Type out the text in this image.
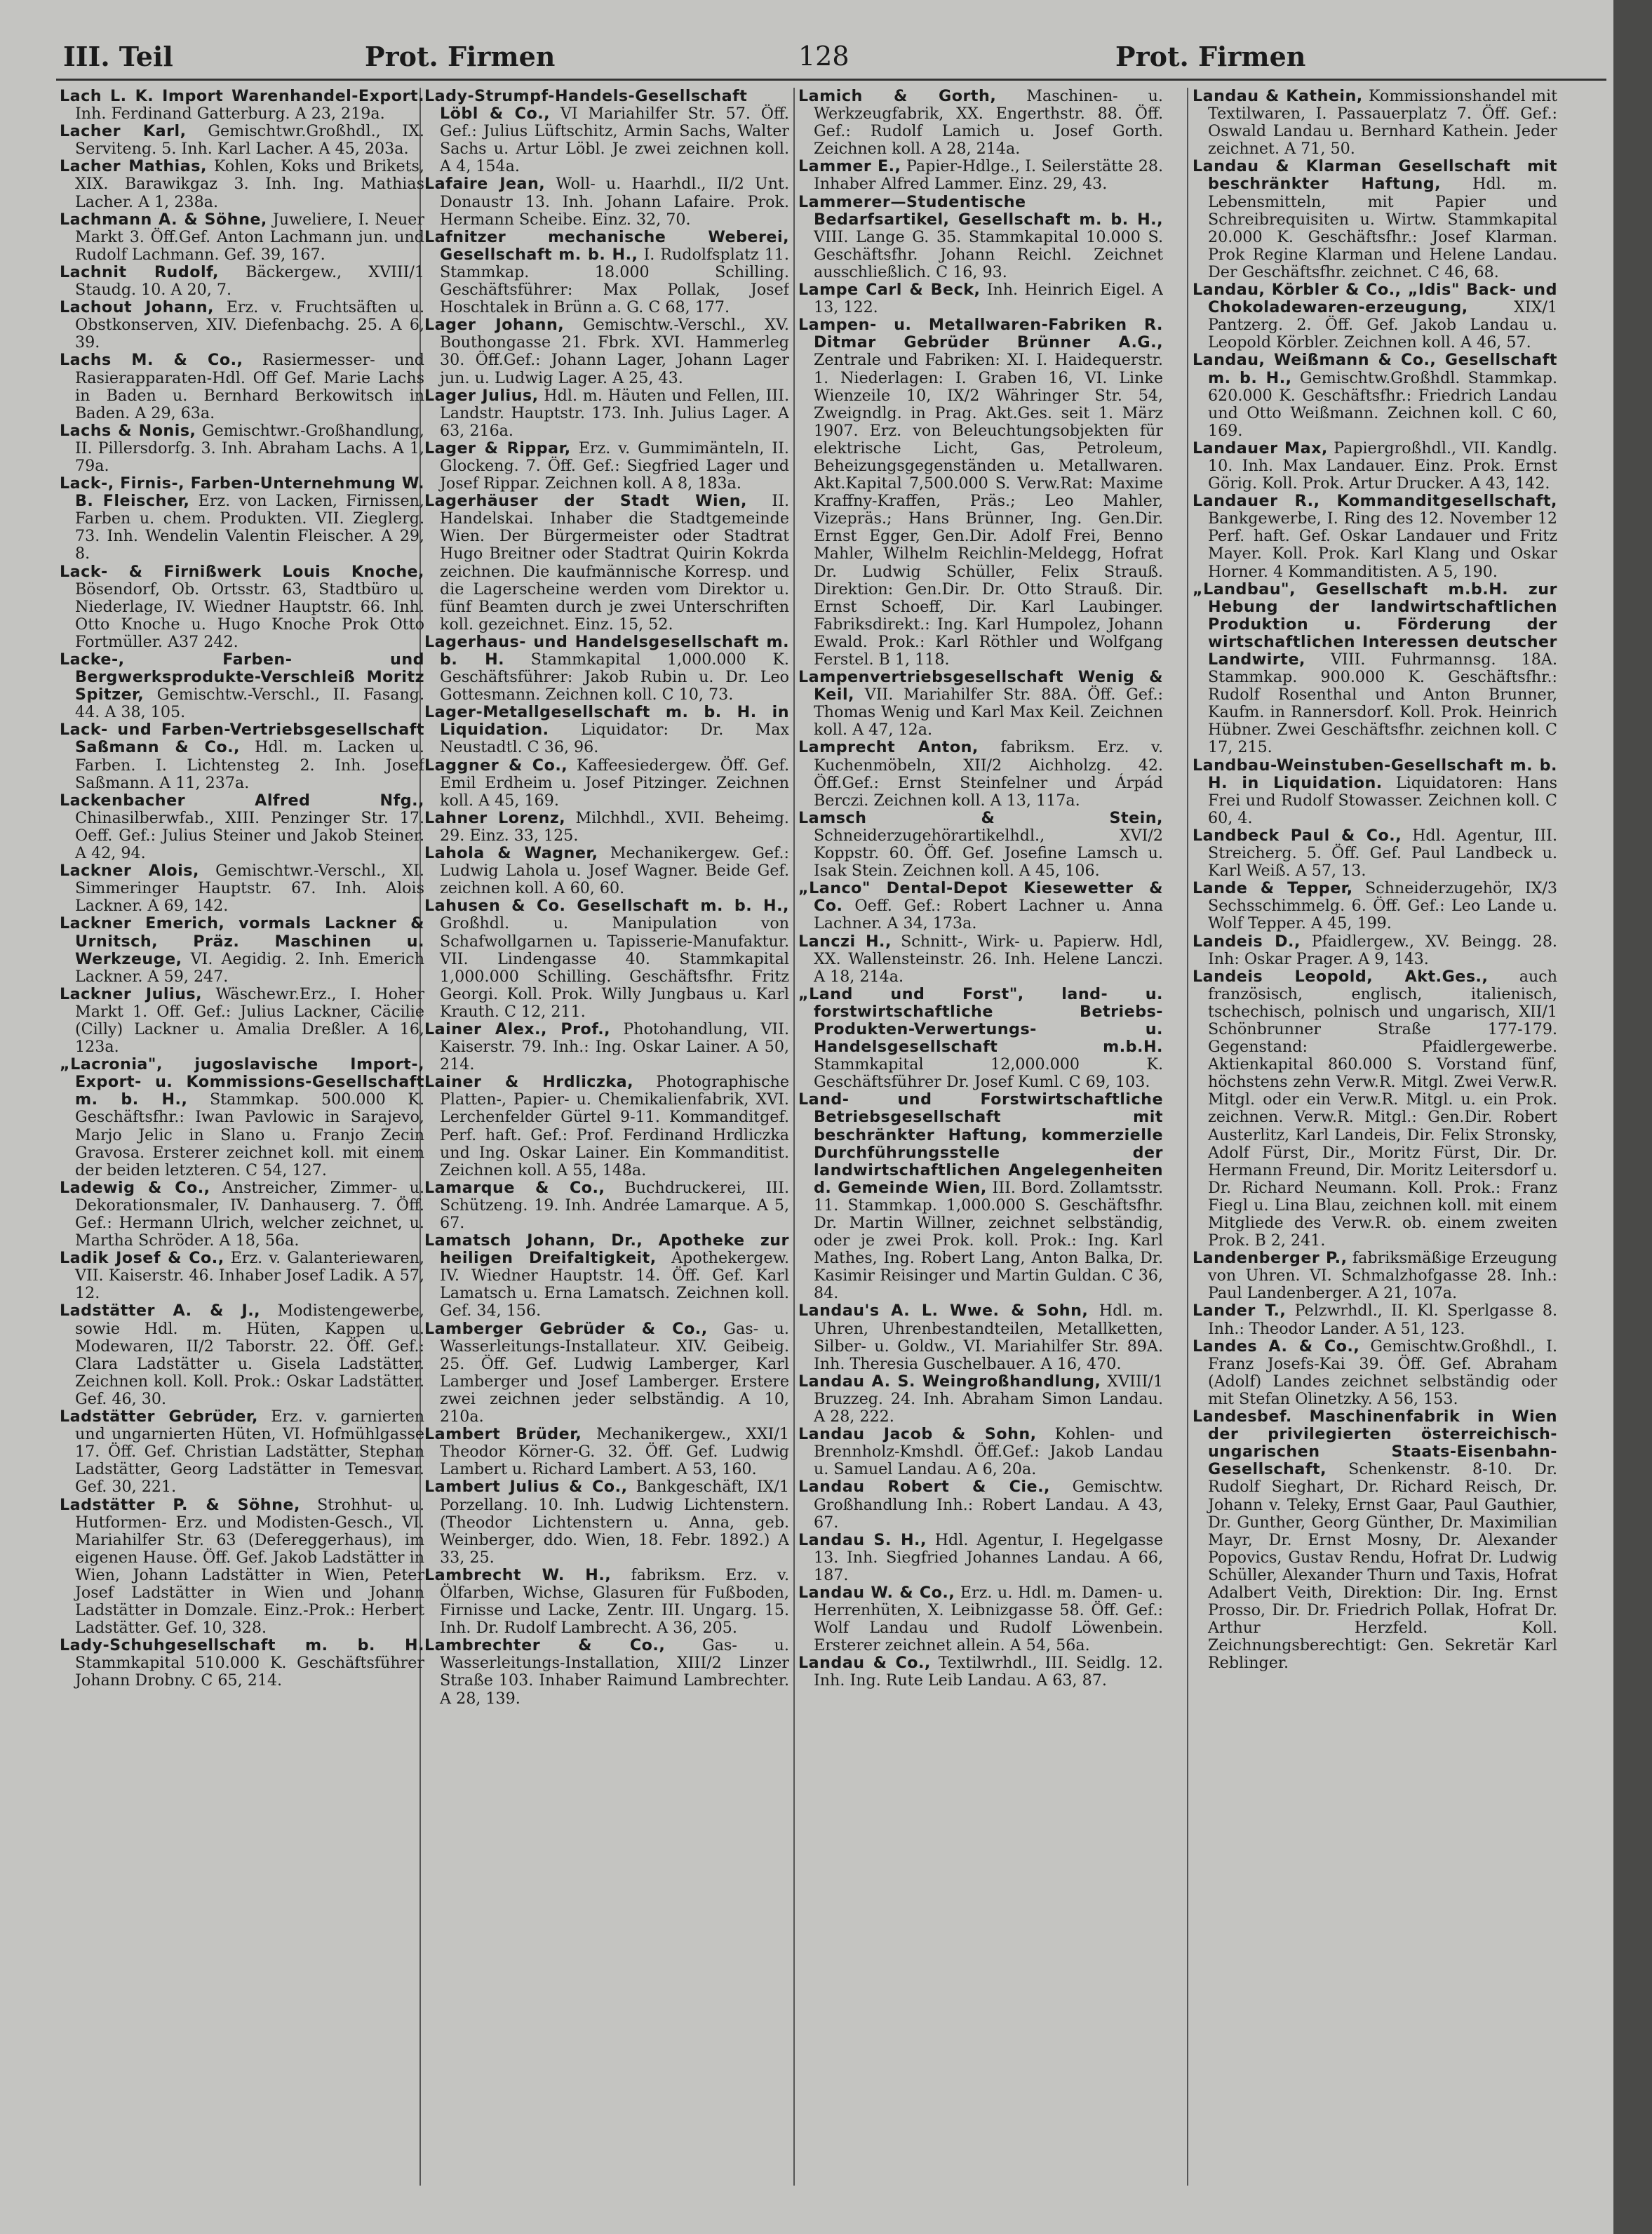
III. Teil	Prot. Firmen	128	Prot. Firmen

Lach L. K. Import Warenhandel-Export. Inh. Ferdinand Gatterburg. A 23, 219a.

Lacher Karl, Gemischtwr.Großhdl., IX. Serviteng. 5. Inh. Karl Lacher. A 45, 203a.

Lacher Mathias, Kohlen, Koks und Brikets, XIX. Barawikgaz 3. Inh. Ing. Mathias Lacher. A 1, 238a.

Lachmann A. & Söhne, Juweliere, I. Neuer Markt 3. Öff.Gef. Anton Lachmann jun. und Rudolf Lachmann. Gef. 39, 167.

Lachnit Rudolf, Bäckergew., XVIII/1 Staudg. 10. A 20, 7.

Lachout Johann, Erz. v. Fruchtsäften u. Obstkonserven, XIV. Diefenbachg. 25. A 6, 39.

Lachs M. & Co., Rasiermesser- und Rasierapparaten-Hdl. Off Gef. Marie Lachs in Baden u. Bernhard Berkowitsch in Baden. A 29, 63a.

Lachs & Nonis, Gemischtwr.-Großhandlung, II. Pillersdorfg. 3. Inh. Abraham Lachs. A 1, 79a.

Lack-, Firnis-, Farben-Unternehmung W. B. Fleischer, Erz. von Lacken, Firnissen, Farben u. chem. Produkten. VII. Zieglerg. 73. Inh. Wendelin Valentin Fleischer. A 29, 8.

Lack- & Firnißwerk Louis Knoche, Bösendorf, Ob. Ortsstr. 63, Stadtbüro u. Niederlage, IV. Wiedner Hauptstr. 66. Inh. Otto Knoche u. Hugo Knoche Prok Otto Fortmüller. A37 242.

Lacke-, Farben- und Bergwerksprodukte-Verschleiß Moritz Spitzer, Gemischtw.-Verschl., II. Fasang. 44. A 38, 105.

Lack- und Farben-Vertriebsgesellschaft Saßmann & Co., Hdl. m. Lacken u. Farben. I. Lichtensteg 2. Inh. Josef Saßmann. A 11, 237a.

Lackenbacher Alfred Nfg., Chinasilberwfab., XIII. Penzinger Str. 17. Oeff. Gef.: Julius Steiner und Jakob Steiner. A 42, 94.

Lackner Alois, Gemischtwr.-Verschl., XI. Simmeringer Hauptstr. 67. Inh. Alois Lackner. A 69, 142.

Lackner Emerich, vormals Lackner & Urnitsch, Präz. Maschinen u. Werkzeuge, VI. Aegidig. 2. Inh. Emerich Lackner. A 59, 247.

Lackner Julius, Wäschewr.Erz., I. Hoher Markt 1. Off. Gef.: Julius Lackner, Cäcilie (Cilly) Lackner u. Amalia Dreßler. A 16, 123a.

„Lacronia", jugoslavische Import-, Export- u. Kommissions-Gesellschaft m. b. H., Stammkap. 500.000 K. Geschäftsfhr.: Iwan Pavlowic in Sarajevo, Marjo Jelic in Slano u. Franjo Zecin Gravosa. Ersterer zeichnet koll. mit einem der beiden letzteren. C 54, 127.

Ladewig & Co., Anstreicher, Zimmer- u. Dekorationsmaler, IV. Danhauserg. 7. Öff. Gef.: Hermann Ulrich, welcher zeichnet, u. Martha Schröder. A 18, 56a.

Ladik Josef & Co., Erz. v. Galanteriewaren, VII. Kaiserstr. 46. Inhaber Josef Ladik. A 57, 12.

Ladstätter A. & J., Modistengewerbe, sowie Hdl. m. Hüten, Kappen u. Modewaren, II/2 Taborstr. 22. Öff. Gef.: Clara Ladstätter u. Gisela Ladstätter. Zeichnen koll. Koll. Prok.: Oskar Ladstätter. Gef. 46, 30.

Ladstätter Gebrüder, Erz. v. garnierten und ungarnierten Hüten, VI. Hofmühlgasse 17. Öff. Gef. Christian Ladstätter, Stephan Ladstätter, Georg Ladstätter in Temesvar. Gef. 30, 221.

Ladstätter P. & Söhne, Strohhut- u. Hutformen- Erz. und Modisten-Gesch., VI. Mariahilfer Str. 63 (Defereggerhaus), im eigenen Hause. Öff. Gef. Jakob Ladstätter in Wien, Johann Ladstätter in Wien, Peter Josef Ladstätter in Wien und Johann Ladstätter in Domzale. Einz.-Prok.: Herbert Ladstätter. Gef. 10, 328.

Lady-Schuhgesellschaft m. b. H. Stammkapital 510.000 K. Geschäftsführer Johann Drobny. C 65, 214.

Lady-Strumpf-Handels-Gesellschaft Löbl & Co., VI Mariahilfer Str. 57. Öff. Gef.: Julius Lüftschitz, Armin Sachs, Walter Sachs u. Artur Löbl. Je zwei zeichnen koll. A 4, 154a.

Lafaire Jean, Woll- u. Haarhdl., II/2 Unt. Donaustr 13. Inh. Johann Lafaire. Prok. Hermann Scheibe. Einz. 32, 70.

Lafnitzer mechanische Weberei, Gesellschaft m. b. H., I. Rudolfsplatz 11. Stammkap. 18.000 Schilling. Geschäftsführer: Max Pollak, Josef Hoschtalek in Brünn a. G. C 68, 177.

Lager Johann, Gemischtw.-Verschl., XV. Bouthongasse 21. Fbrk. XVI. Hammerleg 30. Öff.Gef.: Johann Lager, Johann Lager jun. u. Ludwig Lager. A 25, 43.

Lager Julius, Hdl. m. Häuten und Fellen, III. Landstr. Hauptstr. 173. Inh. Julius Lager. A 63, 216a.

Lager & Rippar, Erz. v. Gummimänteln, II. Glockeng. 7. Öff. Gef.: Siegfried Lager und Josef Rippar. Zeichnen koll. A 8, 183a.

Lagerhäuser der Stadt Wien, II. Handelskai. Inhaber die Stadtgemeinde Wien. Der Bürgermeister oder Stadtrat Hugo Breitner oder Stadtrat Quirin Kokrda zeichnen. Die kaufmännische Korresp. und die Lagerscheine werden vom Direktor u. fünf Beamten durch je zwei Unterschriften koll. gezeichnet. Einz. 15, 52.

Lagerhaus- und Handelsgesellschaft m. b. H. Stammkapital 1,000.000 K. Geschäftsführer: Jakob Rubin u. Dr. Leo Gottesmann. Zeichnen koll. C 10, 73.

Lager-Metallgesellschaft m. b. H. in Liquidation. Liquidator: Dr. Max Neustadtl. C 36, 96.

Laggner & Co., Kaffeesiedergew. Öff. Gef. Emil Erdheim u. Josef Pitzinger. Zeichnen koll. A 45, 169.

Lahner Lorenz, Milchhdl., XVII. Beheimg. 29. Einz. 33, 125.

Lahola & Wagner, Mechanikergew. Gef.: Ludwig Lahola u. Josef Wagner. Beide Gef. zeichnen koll. A 60, 60.

Lahusen & Co. Gesellschaft m. b. H., Großhdl. u. Manipulation von Schafwollgarnen u. Tapisserie-Manufaktur. VII. Lindengasse 40. Stammkapital 1,000.000 Schilling. Geschäftsfhr. Fritz Georgi. Koll. Prok. Willy Jungbaus u. Karl Krauth. C 12, 211.

Lainer Alex., Prof., Photohandlung, VII. Kaiserstr. 79. Inh.: Ing. Oskar Lainer. A 50, 214.

Lainer & Hrdliczka, Photographische Platten-, Papier- u. Chemikalienfabrik, XVI. Lerchenfelder Gürtel 9-11. Kommanditgef. Perf. haft. Gef.: Prof. Ferdinand Hrdliczka und Ing. Oskar Lainer. Ein Kommanditist. Zeichnen koll. A 55, 148a.

Lamarque & Co., Buchdruckerei, III. Schützeng. 19. Inh. Andrée Lamarque. A 5, 67.

Lamatsch Johann, Dr., Apotheke zur heiligen Dreifaltigkeit, Apothekergew. IV. Wiedner Hauptstr. 14. Öff. Gef. Karl Lamatsch u. Erna Lamatsch. Zeichnen koll. Gef. 34, 156.

Lamberger Gebrüder & Co., Gas- u. Wasserleitungs-Installateur. XIV. Geibeig. 25. Öff. Gef. Ludwig Lamberger, Karl Lamberger und Josef Lamberger. Erstere zwei zeichnen jeder selbständig. A 10, 210a.

Lambert Brüder, Mechanikergew., XXI/1 Theodor Körner-G. 32. Öff. Gef. Ludwig Lambert u. Richard Lambert. A 53, 160.

Lambert Julius & Co., Bankgeschäft, IX/1 Porzellang. 10. Inh. Ludwig Lichtenstern. (Theodor Lichtenstern u. Anna, geb. Weinberger, ddo. Wien, 18. Febr. 1892.) A 33, 25.

Lambrecht W. H., fabriksm. Erz. v. Ölfarben, Wichse, Glasuren für Fußboden, Firnisse und Lacke, Zentr. III. Ungarg. 15. Inh. Dr. Rudolf Lambrecht. A 36, 205.

Lambrechter & Co., Gas- u. Wasserleitungs-Installation, XIII/2 Linzer Straße 103. Inhaber Raimund Lambrechter. A 28, 139.

Lamich & Gorth, Maschinen- u. Werkzeugfabrik, XX. Engerthstr. 88. Öff. Gef.: Rudolf Lamich u. Josef Gorth. Zeichnen koll. A 28, 214a.

Lammer E., Papier-Hdlge., I. Seilerstätte 28. Inhaber Alfred Lammer. Einz. 29, 43.

Lammerer—Studentische Bedarfsartikel, Gesellschaft m. b. H., VIII. Lange G. 35. Stammkapital 10.000 S. Geschäftsfhr. Johann Reichl. Zeichnet ausschließlich. C 16, 93.

Lampe Carl & Beck, Inh. Heinrich Eigel. A 13, 122.

Lampen- u. Metallwaren-Fabriken R. Ditmar Gebrüder Brünner A.G., Zentrale und Fabriken: XI. I. Haidequerstr. 1. Niederlagen: I. Graben 16, VI. Linke Wienzeile 10, IX/2 Währinger Str. 54, Zweigndlg. in Prag. Akt.Ges. seit 1. März 1907. Erz. von Beleuchtungsobjekten für elektrische Licht, Gas, Petroleum, Beheizungsgegenständen u. Metallwaren. Akt.Kapital 7,500.000 S. Verw.Rat: Maxime Kraffny-Kraffen, Präs.; Leo Mahler, Vizepräs.; Hans Brünner, Ing. Gen.Dir. Ernst Egger, Gen.Dir. Adolf Frei, Benno Mahler, Wilhelm Reichlin-Meldegg, Hofrat Dr. Ludwig Schüller, Felix Strauß. Direktion: Gen.Dir. Dr. Otto Strauß. Dir. Ernst Schoeff, Dir. Karl Laubinger. Fabriksdirekt.: Ing. Karl Humpolez, Johann Ewald. Prok.: Karl Röthler und Wolfgang Ferstel. B 1, 118.

Lampenvertriebsgesellschaft Wenig & Keil, VII. Mariahilfer Str. 88A. Öff. Gef.: Thomas Wenig und Karl Max Keil. Zeichnen koll. A 47, 12a.

Lamprecht Anton, fabriksm. Erz. v. Kuchenmöbeln, XII/2 Aichholzg. 42. Öff.Gef.: Ernst Steinfelner und Árpád Berczi. Zeichnen koll. A 13, 117a.

Lamsch & Stein, Schneiderzugehörartikelhdl., XVI/2 Koppstr. 60. Öff. Gef. Josefine Lamsch u. Isak Stein. Zeichnen koll. A 45, 106.

„Lanco" Dental-Depot Kiesewetter & Co. Oeff. Gef.: Robert Lachner u. Anna Lachner. A 34, 173a.

Lanczi H., Schnitt-, Wirk- u. Papierw. Hdl, XX. Wallensteinstr. 26. Inh. Helene Lanczi. A 18, 214a.

„Land und Forst", land- u. forstwirtschaftliche Betriebs-Produkten-Verwertungs- u. Handelsgesellschaft m.b.H. Stammkapital 12,000.000 K. Geschäftsführer Dr. Josef Kuml. C 69, 103.

Land- und Forstwirtschaftliche Betriebsgesellschaft mit beschränkter Haftung, kommerzielle Durchführungsstelle der landwirtschaftlichen Angelegenheiten d. Gemeinde Wien, III. Bord. Zollamtsstr. 11. Stammkap. 1,000.000 S. Geschäftsfhr. Dr. Martin Willner, zeichnet selbständig, oder je zwei Prok. koll. Prok.: Ing. Karl Mathes, Ing. Robert Lang, Anton Balka, Dr. Kasimir Reisinger und Martin Guldan. C 36, 84.

Landau's A. L. Wwe. & Sohn, Hdl. m. Uhren, Uhrenbestandteilen, Metallketten, Silber- u. Goldw., VI. Mariahilfer Str. 89A. Inh. Theresia Guschelbauer. A 16, 470.

Landau A. S. Weingroßhandlung, XVIII/1 Bruzzeg. 24. Inh. Abraham Simon Landau. A 28, 222.

Landau Jacob & Sohn, Kohlen- und Brennholz-Kmshdl. Öff.Gef.: Jakob Landau u. Samuel Landau. A 6, 20a.

Landau Robert & Cie., Gemischtw. Großhandlung Inh.: Robert Landau. A 43, 67.

Landau S. H., Hdl. Agentur, I. Hegelgasse 13. Inh. Siegfried Johannes Landau. A 66, 187.

Landau W. & Co., Erz. u. Hdl. m. Damen- u. Herrenhüten, X. Leibnizgasse 58. Öff. Gef.: Wolf Landau und Rudolf Löwenbein. Ersterer zeichnet allein. A 54, 56a.

Landau & Co., Textilwrhdl., III. Seidlg. 12. Inh. Ing. Rute Leib Landau. A 63, 87.

Landau & Kathein, Kommissionshandel mit Textilwaren, I. Passauerplatz 7. Öff. Gef.: Oswald Landau u. Bernhard Kathein. Jeder zeichnet. A 71, 50.

Landau & Klarman Gesellschaft mit beschränkter Haftung, Hdl. m. Lebensmitteln, mit Papier und Schreibrequisiten u. Wirtw. Stammkapital 20.000 K. Geschäftsfhr.: Josef Klarman. Prok Regine Klarman und Helene Landau. Der Geschäftsfhr. zeichnet. C 46, 68.

Landau, Körbler & Co., „Idis" Back- und Chokoladewaren-erzeugung, XIX/1 Pantzerg. 2. Öff. Gef. Jakob Landau u. Leopold Körbler. Zeichnen koll. A 46, 57.

Landau, Weißmann & Co., Gesellschaft m. b. H., Gemischtw.Großhdl. Stammkap. 620.000 K. Geschäftsfhr.: Friedrich Landau und Otto Weißmann. Zeichnen koll. C 60, 169.

Landauer Max, Papiergroßhdl., VII. Kandlg. 10. Inh. Max Landauer. Einz. Prok. Ernst Görig. Koll. Prok. Artur Drucker. A 43, 142.

Landauer R., Kommanditgesellschaft, Bankgewerbe, I. Ring des 12. November 12 Perf. haft. Gef. Oskar Landauer und Fritz Mayer. Koll. Prok. Karl Klang und Oskar Horner. 4 Kommanditisten. A 5, 190.

„Landbau", Gesellschaft m.b.H. zur Hebung der landwirtschaftlichen Produktion u. Förderung der wirtschaftlichen Interessen deutscher Landwirte, VIII. Fuhrmannsg. 18A. Stammkap. 900.000 K. Geschäftsfhr.: Rudolf Rosenthal und Anton Brunner, Kaufm. in Rannersdorf. Koll. Prok. Heinrich Hübner. Zwei Geschäftsfhr. zeichnen koll. C 17, 215.

Landbau-Weinstuben-Gesellschaft m. b. H. in Liquidation. Liquidatoren: Hans Frei und Rudolf Stowasser. Zeichnen koll. C 60, 4.

Landbeck Paul & Co., Hdl. Agentur, III. Streicherg. 5. Öff. Gef. Paul Landbeck u. Karl Weiß. A 57, 13.

Lande & Tepper, Schneiderzugehör, IX/3 Sechsschimmelg. 6. Öff. Gef.: Leo Lande u. Wolf Tepper. A 45, 199.

Landeis D., Pfaidlergew., XV. Beingg. 28. Inh: Oskar Prager. A 9, 143.

Landeis Leopold, Akt.Ges., auch französisch, englisch, italienisch, tschechisch, polnisch und ungarisch, XII/1 Schönbrunner Straße 177-179. Gegenstand: Pfaidlergewerbe. Aktienkapital 860.000 S. Vorstand fünf, höchstens zehn Verw.R. Mitgl. Zwei Verw.R. Mitgl. oder ein Verw.R. Mitgl. u. ein Prok. zeichnen. Verw.R. Mitgl.: Gen.Dir. Robert Austerlitz, Karl Landeis, Dir. Felix Stronsky, Adolf Fürst, Dir., Moritz Fürst, Dir. Dr. Hermann Freund, Dir. Moritz Leitersdorf u. Dr. Richard Neumann. Koll. Prok.: Franz Fiegl u. Lina Blau, zeichnen koll. mit einem Mitgliede des Verw.R. ob. einem zweiten Prok. B 2, 241.

Landenberger P., fabriksmäßige Erzeugung von Uhren. VI. Schmalzhofgasse 28. Inh.: Paul Landenberger. A 21, 107a.

Lander T., Pelzwrhdl., II. Kl. Sperlgasse 8. Inh.: Theodor Lander. A 51, 123.

Landes A. & Co., Gemischtw.Großhdl., I. Franz Josefs-Kai 39. Öff. Gef. Abraham (Adolf) Landes zeichnet selbständig oder mit Stefan Olinetzky. A 56, 153.

Landesbef. Maschinenfabrik in Wien der privilegierten österreichisch-ungarischen Staats-Eisenbahn-Gesellschaft, Schenkenstr. 8-10. Dr. Rudolf Sieghart, Dr. Richard Reisch, Dr. Johann v. Teleky, Ernst Gaar, Paul Gauthier, Dr. Gunther, Georg Günther, Dr. Maximilian Mayr, Dr. Ernst Mosny, Dr. Alexander Popovics, Gustav Rendu, Hofrat Dr. Ludwig Schüller, Alexander Thurn und Taxis, Hofrat Adalbert Veith, Direktion: Dir. Ing. Ernst Prosso, Dir. Dr. Friedrich Pollak, Hofrat Dr. Arthur Herzfeld. Koll. Zeichnungsberechtigt: Gen. Sekretär Karl Reblinger.
